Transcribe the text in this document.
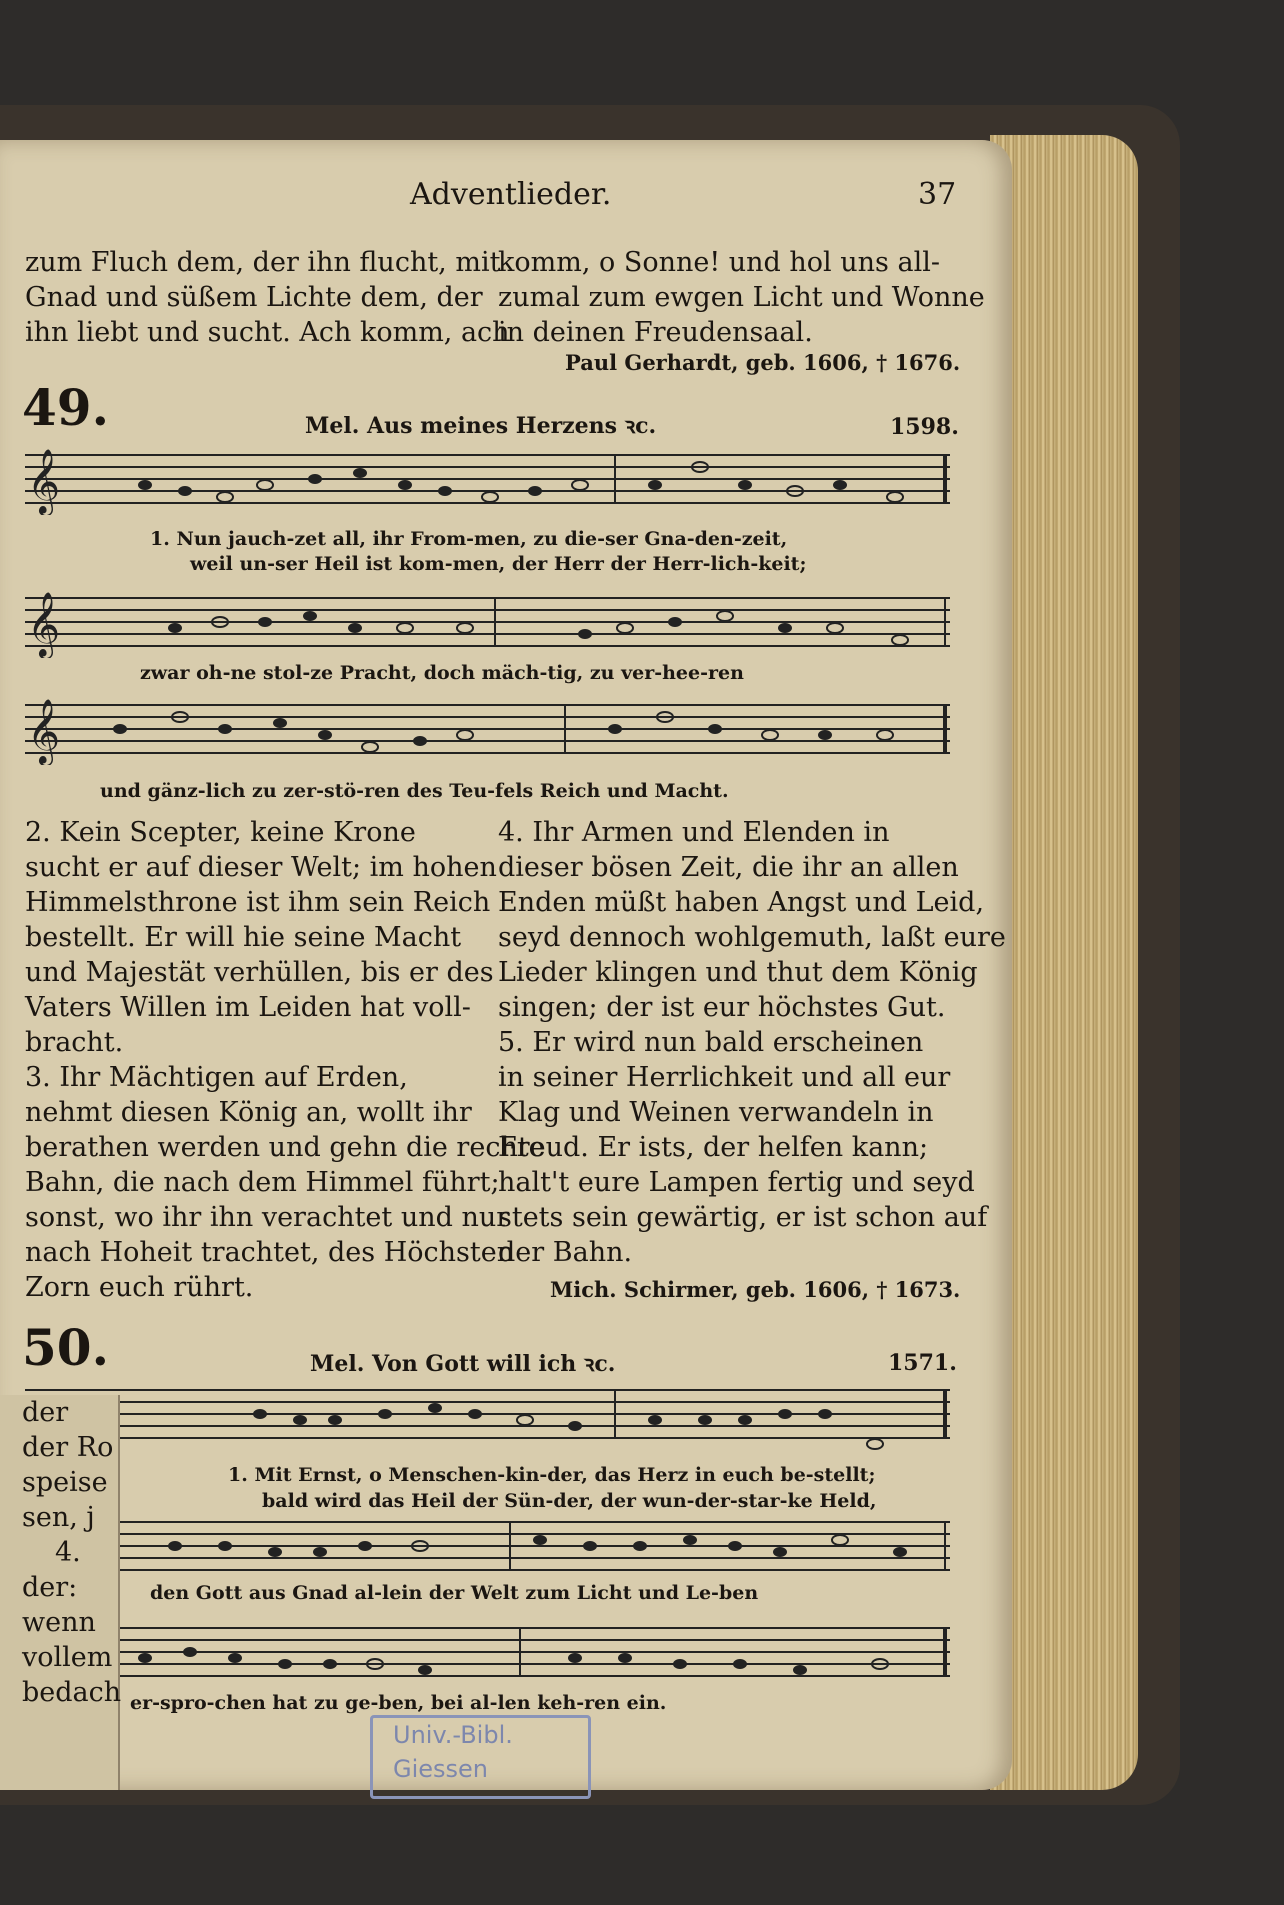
Adventlieder.	37
zum Fluch dem, der ihn flucht, mit
Gnad und süßem Lichte dem, der
ihn liebt und sucht. Ach komm, ach
komm, o Sonne! und hol uns all-
zumal zum ewgen Licht und Wonne
in deinen Freudensaal.
Paul Gerhardt, geb. 1606, † 1676.
49.	Mel. Aus meines Herzens ꝛc.	1598.
𝄞
1. Nun jauch-zet all, ihr From-men, zu die-ser Gna-den-zeit,
weil un-ser Heil ist kom-men, der Herr der Herr-lich-keit;
𝄞
zwar oh-ne stol-ze Pracht, doch mäch-tig, zu ver-hee-ren
𝄞
und gänz-lich zu zer-stö-ren des Teu-fels Reich und Macht.
2. Kein Scepter, keine Krone
sucht er auf dieser Welt; im hohen
Himmelsthrone ist ihm sein Reich
bestellt. Er will hie seine Macht
und Majestät verhüllen, bis er des
Vaters Willen im Leiden hat voll-
bracht.
3. Ihr Mächtigen auf Erden,
nehmt diesen König an, wollt ihr
berathen werden und gehn die rechte
Bahn, die nach dem Himmel führt;
sonst, wo ihr ihn verachtet und nur
nach Hoheit trachtet, des Höchsten
Zorn euch rührt.
4. Ihr Armen und Elenden in
dieser bösen Zeit, die ihr an allen
Enden müßt haben Angst und Leid,
seyd dennoch wohlgemuth, laßt eure
Lieder klingen und thut dem König
singen; der ist eur höchstes Gut.
5. Er wird nun bald erscheinen
in seiner Herrlichkeit und all eur
Klag und Weinen verwandeln in
Freud. Er ists, der helfen kann;
halt't eure Lampen fertig und seyd
stets sein gewärtig, er ist schon auf
der Bahn.
Mich. Schirmer, geb. 1606, † 1673.
50.	Mel. Von Gott will ich ꝛc.	1571.
1. Mit Ernst, o Menschen-kin-der, das Herz in euch be-stellt;
bald wird das Heil der Sün-der, der wun-der-star-ke Held,
den Gott aus Gnad al-lein der Welt zum Licht und Le-ben
er-spro-chen hat zu ge-ben, bei al-len keh-ren ein.
der
der Ro
speise
sen, j
4.
der:
wenn
vollem
bedach
Univ.-Bibl.
Giessen
